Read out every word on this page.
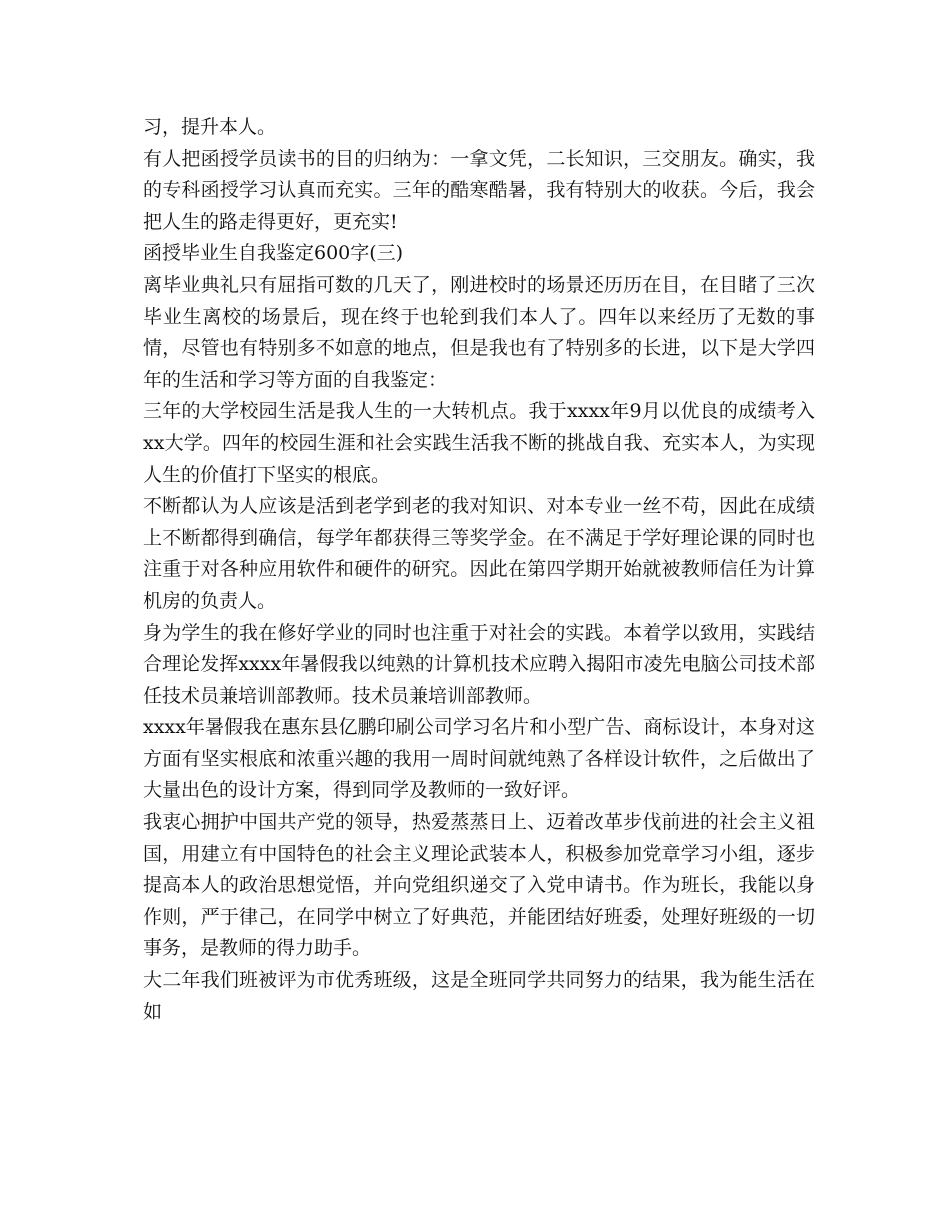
习，提升本人。

有人把函授学员读书的目的归纳为：一拿文凭，二长知识，三交朋友。确实，我的专科函授学习认真而充实。三年的酷寒酷暑，我有特别大的收获。今后，我会把人生的路走得更好，更充实!

函授毕业生自我鉴定600字(三)

离毕业典礼只有屈指可数的几天了，刚进校时的场景还历历在目，在目睹了三次毕业生离校的场景后，现在终于也轮到我们本人了。四年以来经历了无数的事情，尽管也有特别多不如意的地点，但是我也有了特别多的长进，以下是大学四年的生活和学习等方面的自我鉴定：

三年的大学校园生活是我人生的一大转机点。我于xxxx年9月以优良的成绩考入xx大学。四年的校园生涯和社会实践生活我不断的挑战自我、充实本人，为实现人生的价值打下坚实的根底。

不断都认为人应该是活到老学到老的我对知识、对本专业一丝不苟，因此在成绩上不断都得到确信，每学年都获得三等奖学金。在不满足于学好理论课的同时也注重于对各种应用软件和硬件的研究。因此在第四学期开始就被教师信任为计算机房的负责人。

身为学生的我在修好学业的同时也注重于对社会的实践。本着学以致用，实践结合理论发挥xxxx年暑假我以纯熟的计算机技术应聘入揭阳市凌先电脑公司技术部任技术员兼培训部教师。技术员兼培训部教师。

xxxx年暑假我在惠东县亿鹏印刷公司学习名片和小型广告、商标设计，本身对这方面有坚实根底和浓重兴趣的我用一周时间就纯熟了各样设计软件，之后做出了大量出色的设计方案，得到同学及教师的一致好评。

我衷心拥护中国共产党的领导，热爱蒸蒸日上、迈着改革步伐前进的社会主义祖国，用建立有中国特色的社会主义理论武装本人，积极参加党章学习小组，逐步提高本人的政治思想觉悟，并向党组织递交了入党申请书。作为班长，我能以身作则，严于律己，在同学中树立了好典范，并能团结好班委，处理好班级的一切事务，是教师的得力助手。

大二年我们班被评为市优秀班级，这是全班同学共同努力的结果，我为能生活在如
